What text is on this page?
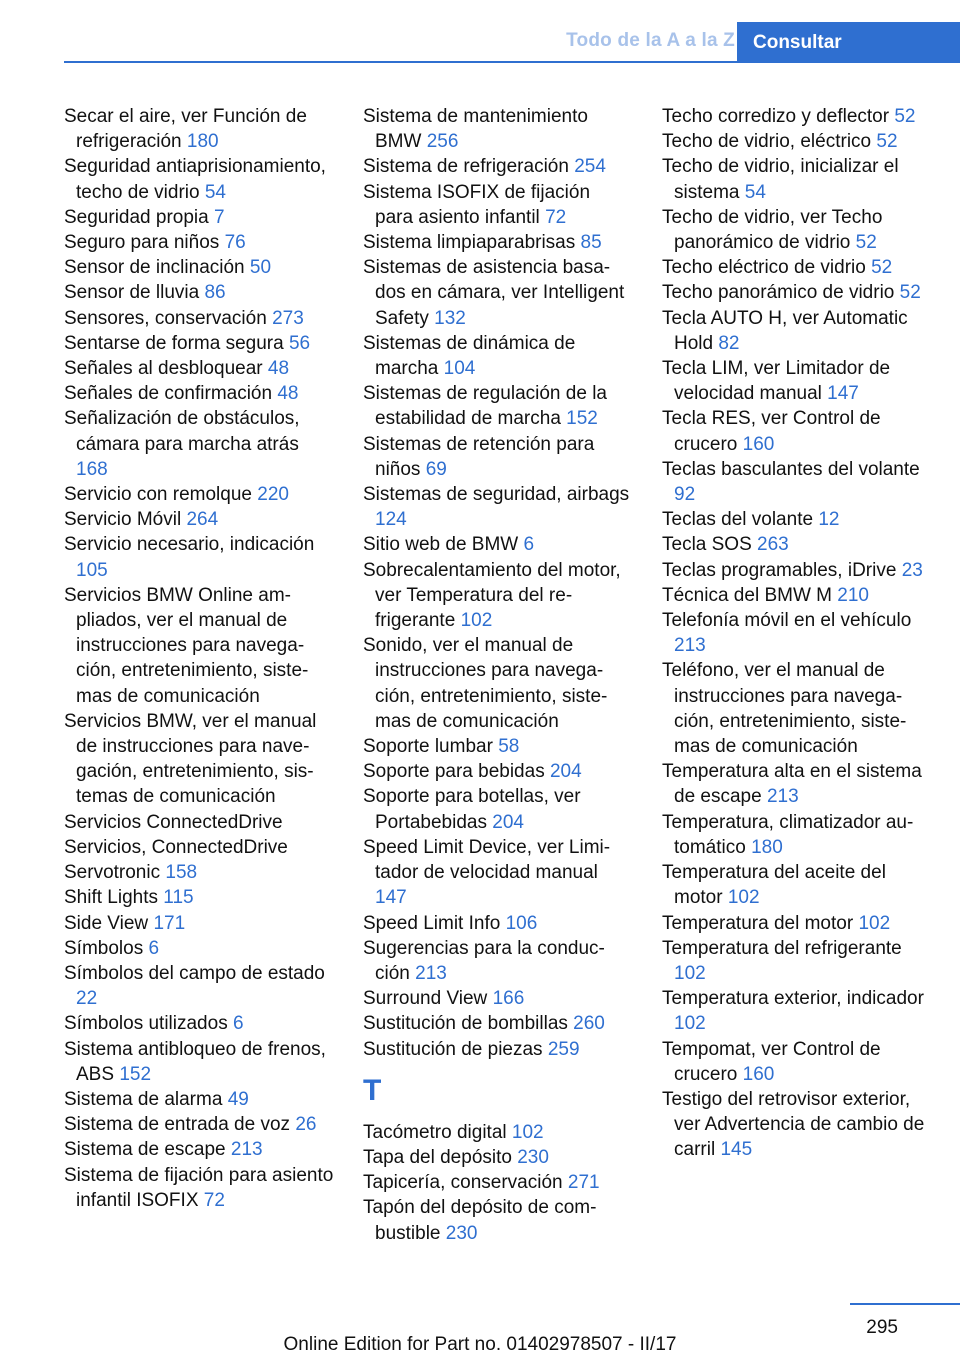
Todo de la A a la Z Consultar
Secar el aire, ver Función de refrigeración 180
Seguridad antiaprisionamiento, techo de vidrio 54
Seguridad propia 7
Seguro para niños 76
Sensor de inclinación 50
Sensor de lluvia 86
Sensores, conservación 273
Sentarse de forma segura 56
Señales al desbloquear 48
Señales de confirmación 48
Señalización de obstáculos, cámara para marcha atrás 168
Servicio con remolque 220
Servicio Móvil 264
Servicio necesario, indicación 105
Servicios BMW Online ampliados, ver el manual de instrucciones para navegación, entretenimiento, sistemas de comunicación
Servicios BMW, ver el manual de instrucciones para navegación, entretenimiento, sistemas de comunicación
Servicios ConnectedDrive
Servicios, ConnectedDrive
Servotronic 158
Shift Lights 115
Side View 171
Símbolos 6
Símbolos del campo de estado 22
Símbolos utilizados 6
Sistema antibloqueo de frenos, ABS 152
Sistema de alarma 49
Sistema de entrada de voz 26
Sistema de escape 213
Sistema de fijación para asiento infantil ISOFIX 72
Sistema de mantenimiento BMW 256
Sistema de refrigeración 254
Sistema ISOFIX de fijación para asiento infantil 72
Sistema limpiaparabrisas 85
Sistemas de asistencia basados en cámara, ver Intelligent Safety 132
Sistemas de dinámica de marcha 104
Sistemas de regulación de la estabilidad de marcha 152
Sistemas de retención para niños 69
Sistemas de seguridad, airbags 124
Sitio web de BMW 6
Sobrecalentamiento del motor, ver Temperatura del refrigerante 102
Sonido, ver el manual de instrucciones para navegación, entretenimiento, sistemas de comunicación
Soporte lumbar 58
Soporte para bebidas 204
Soporte para botellas, ver Portabebidas 204
Speed Limit Device, ver Limitador de velocidad manual 147
Speed Limit Info 106
Sugerencias para la conducción 213
Surround View 166
Sustitución de bombillas 260
Sustitución de piezas 259
T
Tacómetro digital 102
Tapa del depósito 230
Tapicería, conservación 271
Tapón del depósito de combustible 230
Techo corredizo y deflector 52
Techo de vidrio, eléctrico 52
Techo de vidrio, inicializar el sistema 54
Techo de vidrio, ver Techo panorámico de vidrio 52
Techo eléctrico de vidrio 52
Techo panorámico de vidrio 52
Tecla AUTO H, ver Automatic Hold 82
Tecla LIM, ver Limitador de velocidad manual 147
Tecla RES, ver Control de crucero 160
Teclas basculantes del volante 92
Teclas del volante 12
Tecla SOS 263
Teclas programables, iDrive 23
Técnica del BMW M 210
Telefonía móvil en el vehículo 213
Teléfono, ver el manual de instrucciones para navegación, entretenimiento, sistemas de comunicación
Temperatura alta en el sistema de escape 213
Temperatura, climatizador automático 180
Temperatura del aceite del motor 102
Temperatura del motor 102
Temperatura del refrigerante 102
Temperatura exterior, indicador 102
Tempomat, ver Control de crucero 160
Testigo del retrovisor exterior, ver Advertencia de cambio de carril 145
295
Online Edition for Part no. 01402978507 - II/17
